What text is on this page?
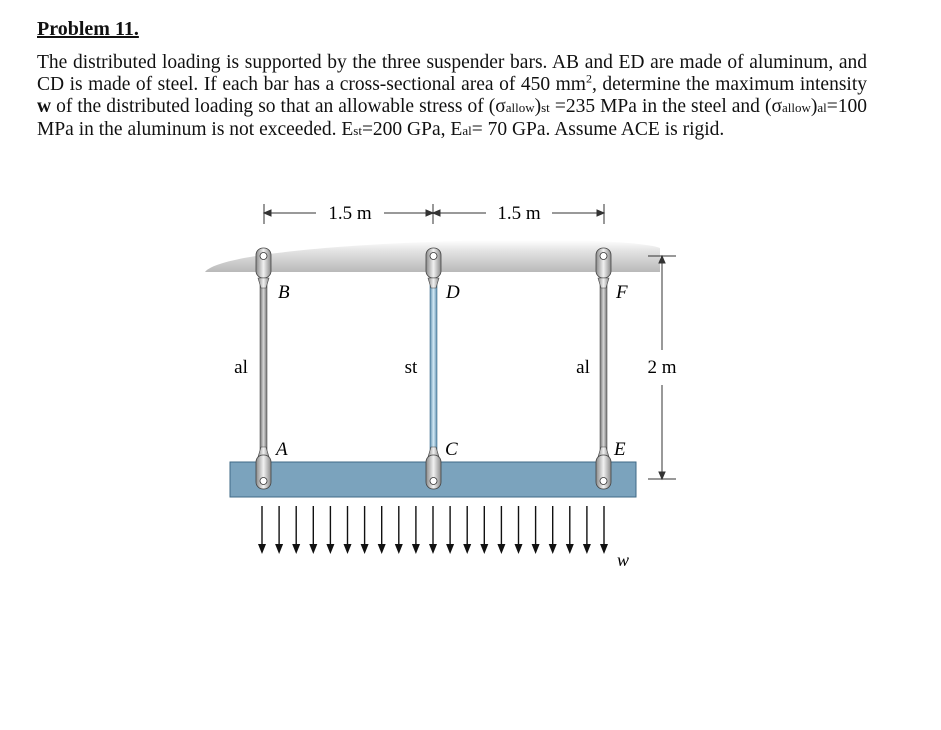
Problem 11.
The distributed loading is supported by the three suspender bars. AB and ED are made of aluminum, and CD is made of steel. If each bar has a cross-sectional area of 450 $mm^2$, determine the maximum intensity w of the distributed loading so that an allowable stress of (σallow)st =235 MPa in the steel and (σallow)al=100 MPa in the aluminum is not exceeded. Est=200 GPa, Eal= 70 GPa. Assume ACE is rigid.
1.5 m	1.5 m
2 m
B	D	F
A	C	E
al	st	al
w
